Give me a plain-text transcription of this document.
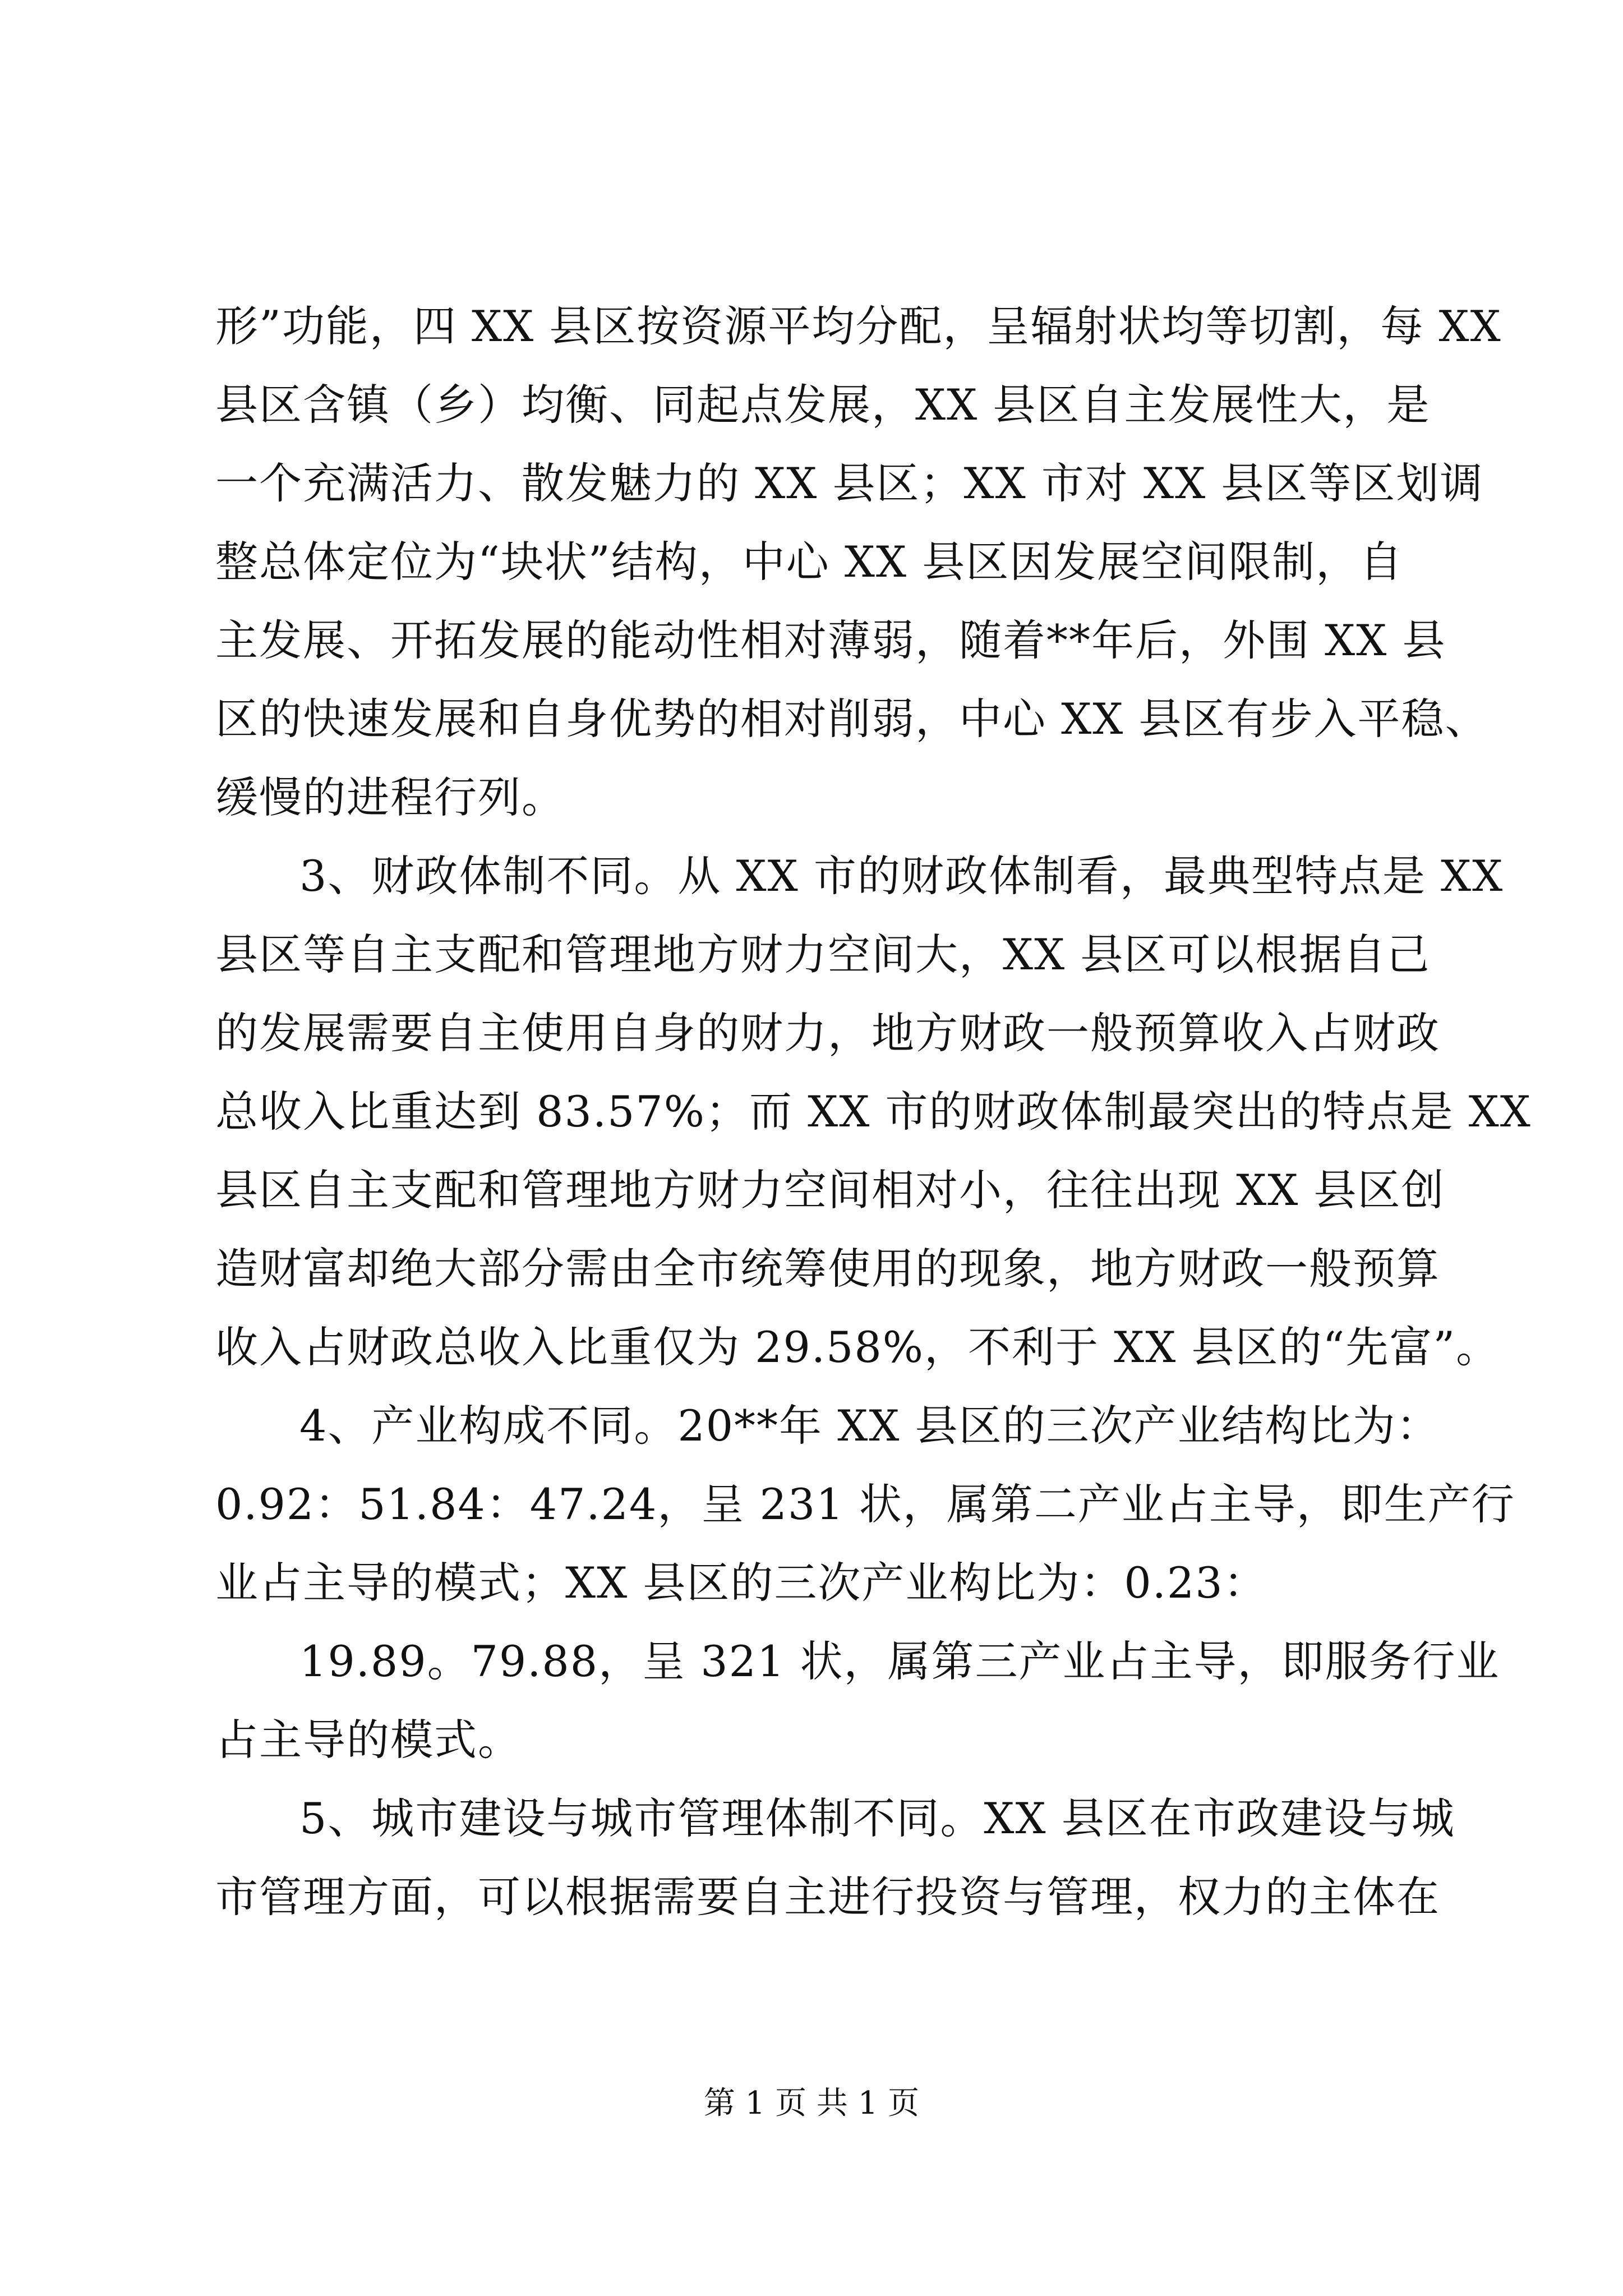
形”功能，四 XX 县区按资源平均分配，呈辐射状均等切割，每 XX
县区含镇（乡）均衡、同起点发展，XX 县区自主发展性大，是
一个充满活力、散发魅力的 XX 县区；XX 市对 XX 县区等区划调
整总体定位为“块状”结构，中心 XX 县区因发展空间限制，自
主发展、开拓发展的能动性相对薄弱，随着**年后，外围 XX 县
区的快速发展和自身优势的相对削弱，中心 XX 县区有步入平稳、
缓慢的进程行列。
3、财政体制不同。从 XX 市的财政体制看，最典型特点是 XX
县区等自主支配和管理地方财力空间大，XX 县区可以根据自己
的发展需要自主使用自身的财力，地方财政一般预算收入占财政
总收入比重达到 83.57%；而 XX 市的财政体制最突出的特点是 XX
县区自主支配和管理地方财力空间相对小，往往出现 XX 县区创
造财富却绝大部分需由全市统筹使用的现象，地方财政一般预算
收入占财政总收入比重仅为 29.58%，不利于 XX 县区的“先富”。
4、产业构成不同。20**年 XX 县区的三次产业结构比为：
0.92：51.84：47.24，呈 231 状，属第二产业占主导，即生产行
业占主导的模式；XX 县区的三次产业构比为：0.23：
19.89。79.88，呈 321 状，属第三产业占主导，即服务行业
占主导的模式。
5、城市建设与城市管理体制不同。XX 县区在市政建设与城
市管理方面，可以根据需要自主进行投资与管理，权力的主体在
第 1 页 共 1 页
